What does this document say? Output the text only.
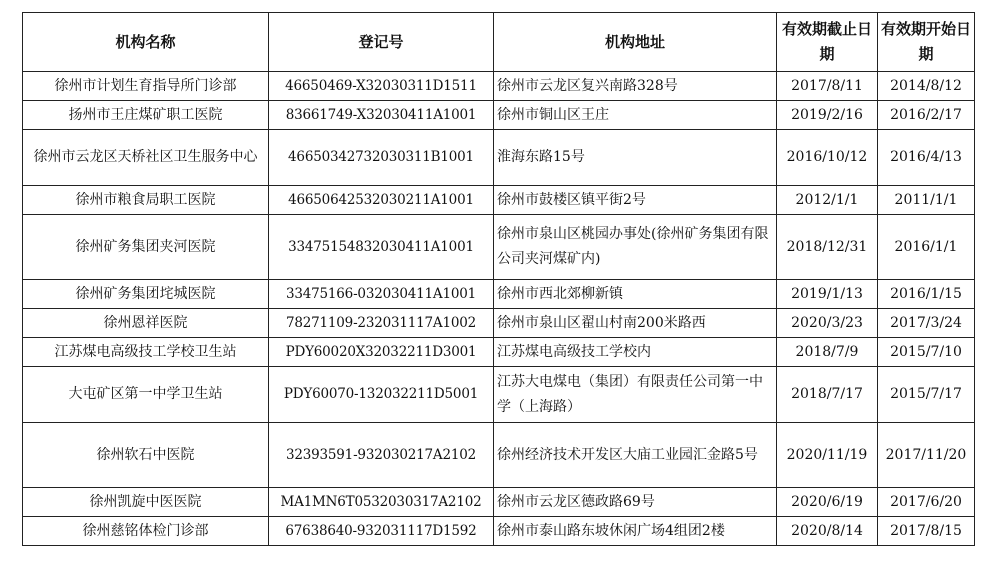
机构名称	登记号	机构地址	有效期截止日期	有效期开始日期
徐州市计划生育指导所门诊部	46650469-X32030311D1511	徐州市云龙区复兴南路328号	2017/8/11	2014/8/12
扬州市王庄煤矿职工医院	83661749-X32030411A1001	徐州市铜山区王庄	2019/2/16	2016/2/17
徐州市云龙区天桥社区卫生服务中心	46650342732030311B1001	淮海东路15号	2016/10/12	2016/4/13
徐州市粮食局职工医院	46650642532030211A1001	徐州市鼓楼区镇平街2号	2012/1/1	2011/1/1
徐州矿务集团夹河医院	33475154832030411A1001	徐州市泉山区桃园办事处(徐州矿务集团有限公司夹河煤矿内)	2018/12/31	2016/1/1
徐州矿务集团垞城医院	33475166-032030411A1001	徐州市西北郊柳新镇	2019/1/13	2016/1/15
徐州恩祥医院	78271109-232031117A1002	徐州市泉山区翟山村南200米路西	2020/3/23	2017/3/24
江苏煤电高级技工学校卫生站	PDY60020X32032211D3001	江苏煤电高级技工学校内	2018/7/9	2015/7/10
大屯矿区第一中学卫生站	PDY60070-132032211D5001	江苏大电煤电（集团）有限责任公司第一中学（上海路）	2018/7/17	2015/7/17
徐州软石中医院	32393591-932030217A2102	徐州经济技术开发区大庙工业园汇金路5号	2020/11/19	2017/11/20
徐州凯旋中医医院	MA1MN6T0532030317A2102	徐州市云龙区德政路69号	2020/6/19	2017/6/20
徐州慈铭体检门诊部	67638640-932031117D1592	徐州市泰山路东坡休闲广场4组团2楼	2020/8/14	2017/8/15
